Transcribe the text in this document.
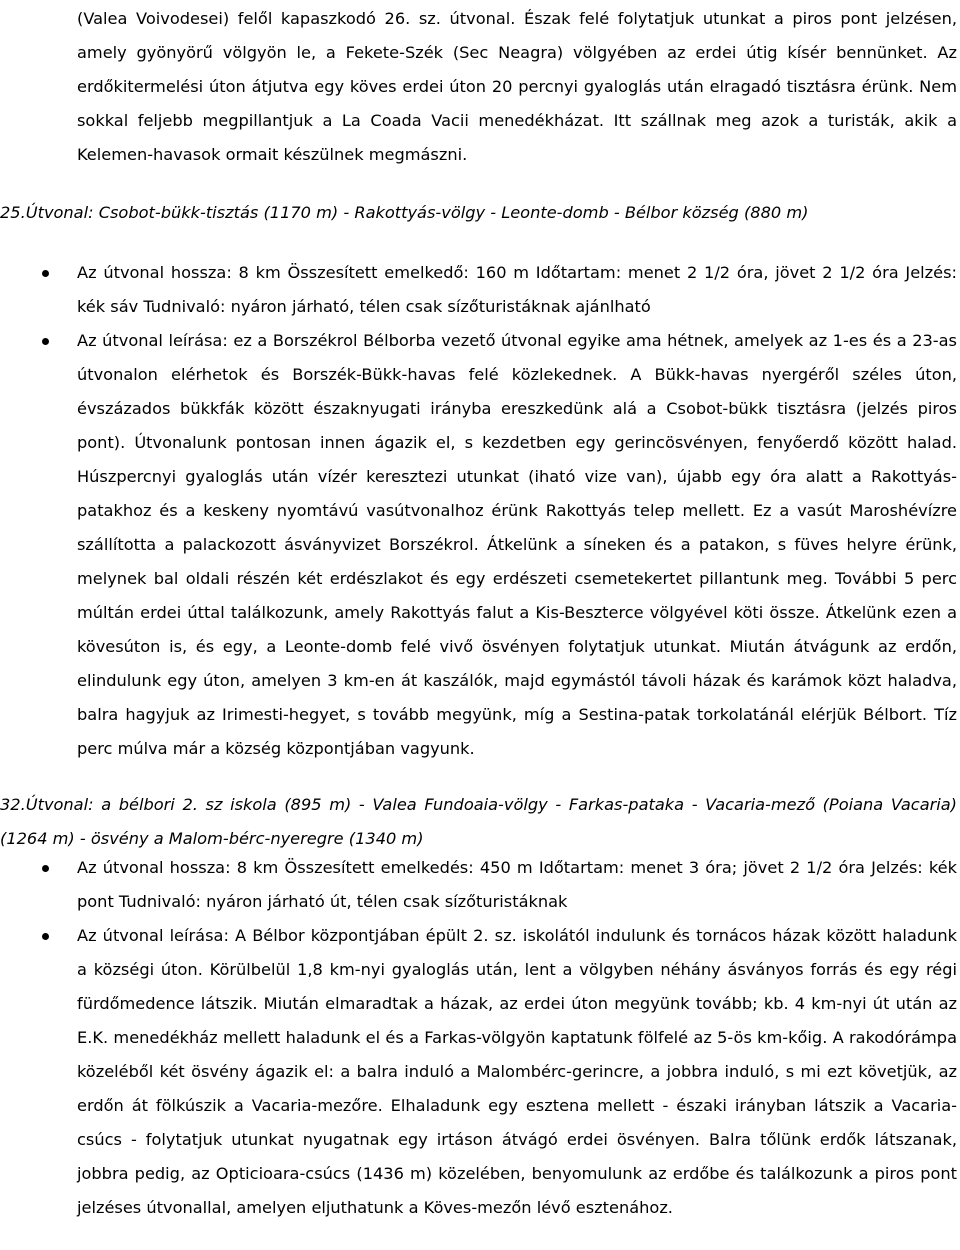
(Valea Voivodesei) felől kapaszkodó 26. sz. útvonal. Észak felé folytatjuk utunkat a piros pont jelzésen, amely gyönyörű völgyön le, a Fekete-Szék (Sec Neagra) völgyében az erdei útig kísér bennünket. Az erdőkitermelési úton átjutva egy köves erdei úton 20 percnyi gyaloglás után elragadó tisztásra érünk. Nem sokkal feljebb megpillantjuk a La Coada Vacii menedékházat. Itt szállnak meg azok a turisták, akik a Kelemen-havasok ormait készülnek megmászni.

25.Útvonal: Csobot-bükk-tisztás (1170 m) - Rakottyás-völgy - Leonte-domb - Bélbor község (880 m)
Az útvonal hossza: 8 km Összesített emelkedő: 160 m Időtartam: menet 2 1/2 óra, jövet 2 1/2 óra Jelzés: kék sáv Tudnivaló: nyáron járható, télen csak sízőturistáknak ajánlható
Az útvonal leírása: ez a Borszékrol Bélborba vezető útvonal egyike ama hétnek, amelyek az 1-es és a 23-as útvonalon elérhetok és Borszék-Bükk-havas felé közlekednek. A Bükk-havas nyergéről széles úton, évszázados bükkfák között északnyugati irányba ereszkedünk alá a Csobot-bükk tisztásra (jelzés piros pont). Útvonalunk pontosan innen ágazik el, s kezdetben egy gerincösvényen, fenyőerdő között halad. Húszpercnyi gyaloglás után vízér keresztezi utunkat (iható vize van), újabb egy óra alatt a Rakottyás-patakhoz és a keskeny nyomtávú vasútvonalhoz érünk Rakottyás telep mellett. Ez a vasút Maroshévízre szállította a palackozott ásványvizet Borszékrol. Átkelünk a síneken és a patakon, s füves helyre érünk, melynek bal oldali részén két erdészlakot és egy erdészeti csemetekertet pillantunk meg. További 5 perc múltán erdei úttal találkozunk, amely Rakottyás falut a Kis-Beszterce völgyével köti össze. Átkelünk ezen a kövesúton is, és egy, a Leonte-domb felé vivő ösvényen folytatjuk utunkat. Miután átvágunk az erdőn, elindulunk egy úton, amelyen 3 km-en át kaszálók, majd egymástól távoli házak és karámok közt haladva, balra hagyjuk az Irimesti-hegyet, s tovább megyünk, míg a Sestina-patak torkolatánál elérjük Bélbort. Tíz perc múlva már a község központjában vagyunk.
32.Útvonal: a bélbori 2. sz iskola (895 m) - Valea Fundoaia-völgy - Farkas-pataka - Vacaria-mező (Poiana Vacaria) (1264 m) - ösvény a Malom-bérc-nyeregre (1340 m)
Az útvonal hossza: 8 km Összesített emelkedés: 450 m Időtartam: menet 3 óra; jövet 2 1/2 óra Jelzés: kék pont Tudnivaló: nyáron járható út, télen csak sízőturistáknak
Az útvonal leírása: A Bélbor központjában épült 2. sz. iskolától indulunk és tornácos házak között haladunk a községi úton. Körülbelül 1,8 km-nyi gyaloglás után, lent a völgyben néhány ásványos forrás és egy régi fürdőmedence látszik. Miután elmaradtak a házak, az erdei úton megyünk tovább; kb. 4 km-nyi út után az E.K. menedékház mellett haladunk el és a Farkas-völgyön kaptatunk fölfelé az 5-ös km-kőig. A rakodórámpa közeléből két ösvény ágazik el: a balra induló a Malombérc-gerincre, a jobbra induló, s mi ezt követjük, az erdőn át fölkúszik a Vacaria-mezőre. Elhaladunk egy esztena mellett - északi irányban látszik a Vacaria-csúcs - folytatjuk utunkat nyugatnak egy irtáson átvágó erdei ösvényen. Balra tőlünk erdők látszanak, jobbra pedig, az Opticioara-csúcs (1436 m) közelében, benyomulunk az erdőbe és találkozunk a piros pont jelzéses útvonallal, amelyen eljuthatunk a Köves-mezőn lévő esztenához.
